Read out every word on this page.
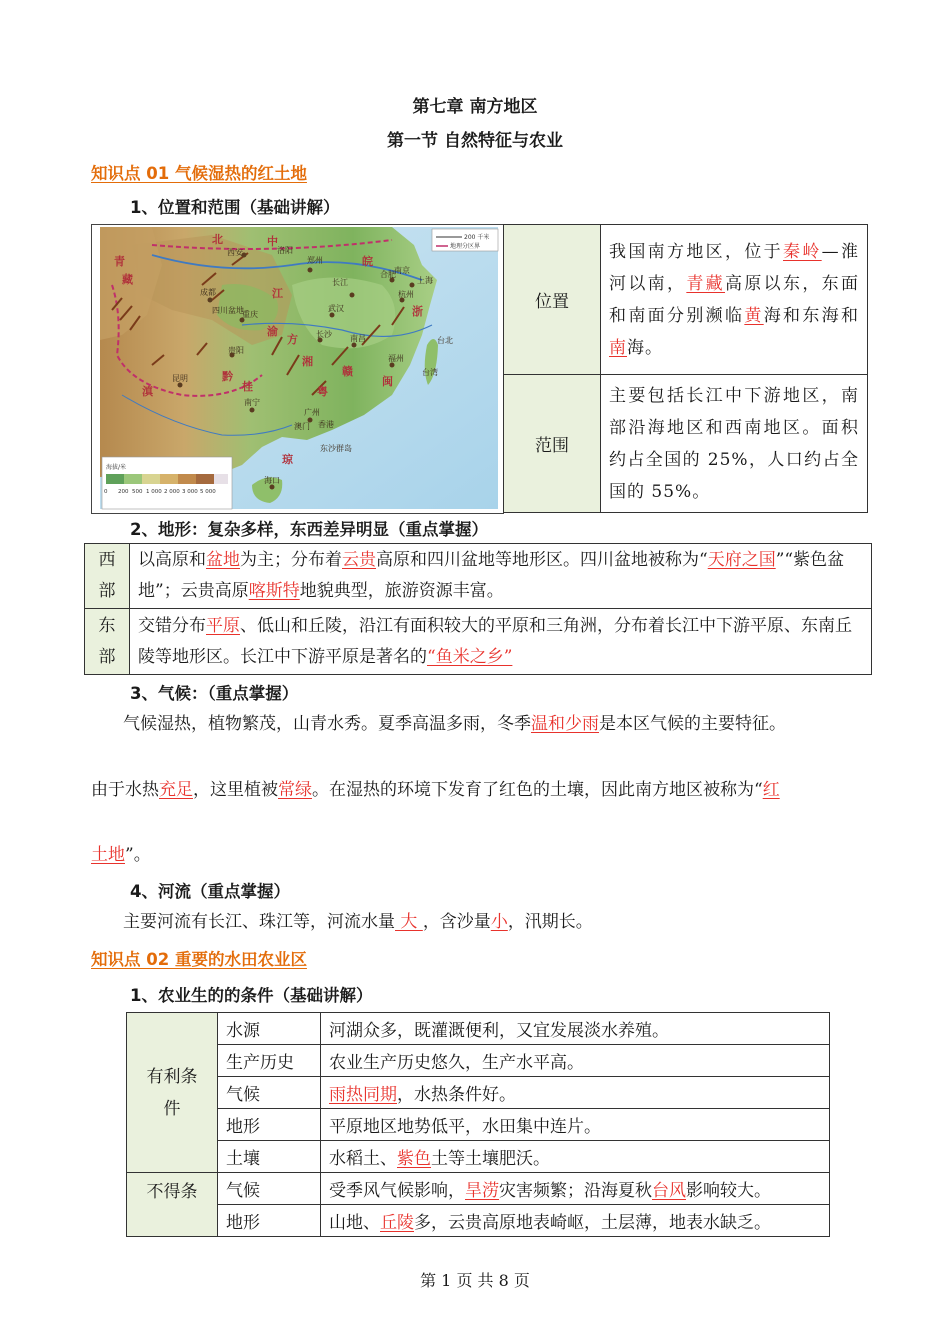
第七章 南方地区
第一节 自然特征与农业
知识点 01 气候湿热的红土地
1、位置和范围（基础讲解）
200 千米
地理分区界
海拔/米
0 200 500 1 000 2 000 3 000 5 000
青
藏
北
西安
中
郑州
洛阳
合肥
长江
南京
上海
杭州
武汉
成都
四川盆地
重庆
长沙 南昌
福州
台北
方
贵阳
昆明
南宁
广州
澳门 香港
海口
台湾
东沙群岛
江
渝
闽
湘
赣
浙
皖
黔
粤
桂
滇
琼
位置	我国南方地区，位于秦岭—淮河以南，青藏高原以东，东面和南面分别濒临黄海和东海和南海。
范围	主要包括长江中下游地区，南部沿海地区和西南地区。面积约占全国的 25%，人口约占全国的 55%。
2、地形：复杂多样，东西差异明显（重点掌握）
西
部	以高原和盆地为主；分布着云贵高原和四川盆地等地形区。四川盆地被称为“天府之国”“紫色盆地”；云贵高原喀斯特地貌典型，旅游资源丰富。

东
部	交错分布平原、低山和丘陵，沿江有面积较大的平原和三角洲，分布着长江中下游平原、东南丘陵等地形区。长江中下游平原是著名的“鱼米之乡”
3、气候：（重点掌握）
气候湿热，植物繁茂，山青水秀。夏季高温多雨，冬季温和少雨是本区气候的主要特征。
由于水热充足，这里植被常绿。在湿热的环境下发育了红色的土壤，因此南方地区被称为“红
土地”。
4、河流（重点掌握）
主要河流有长江、珠江等，河流水量 大 ，含沙量小，汛期长。
知识点 02 重要的水田农业区
1、农业生的的条件（基础讲解）
有利条
件	水源	河湖众多，既灌溉便利，又宜发展淡水养殖。
	生产历史	农业生产历史悠久，生产水平高。
	气候	雨热同期，水热条件好。
	地形	平原地区地势低平，水田集中连片。
	土壤	水稻土、紫色土等土壤肥沃。
不得条	气候	受季风气候影响，旱涝灾害频繁；沿海夏秋台风影响较大。
	地形	山地、丘陵多，云贵高原地表崎岖，土层薄，地表水缺乏。
第 1 页 共 8 页
